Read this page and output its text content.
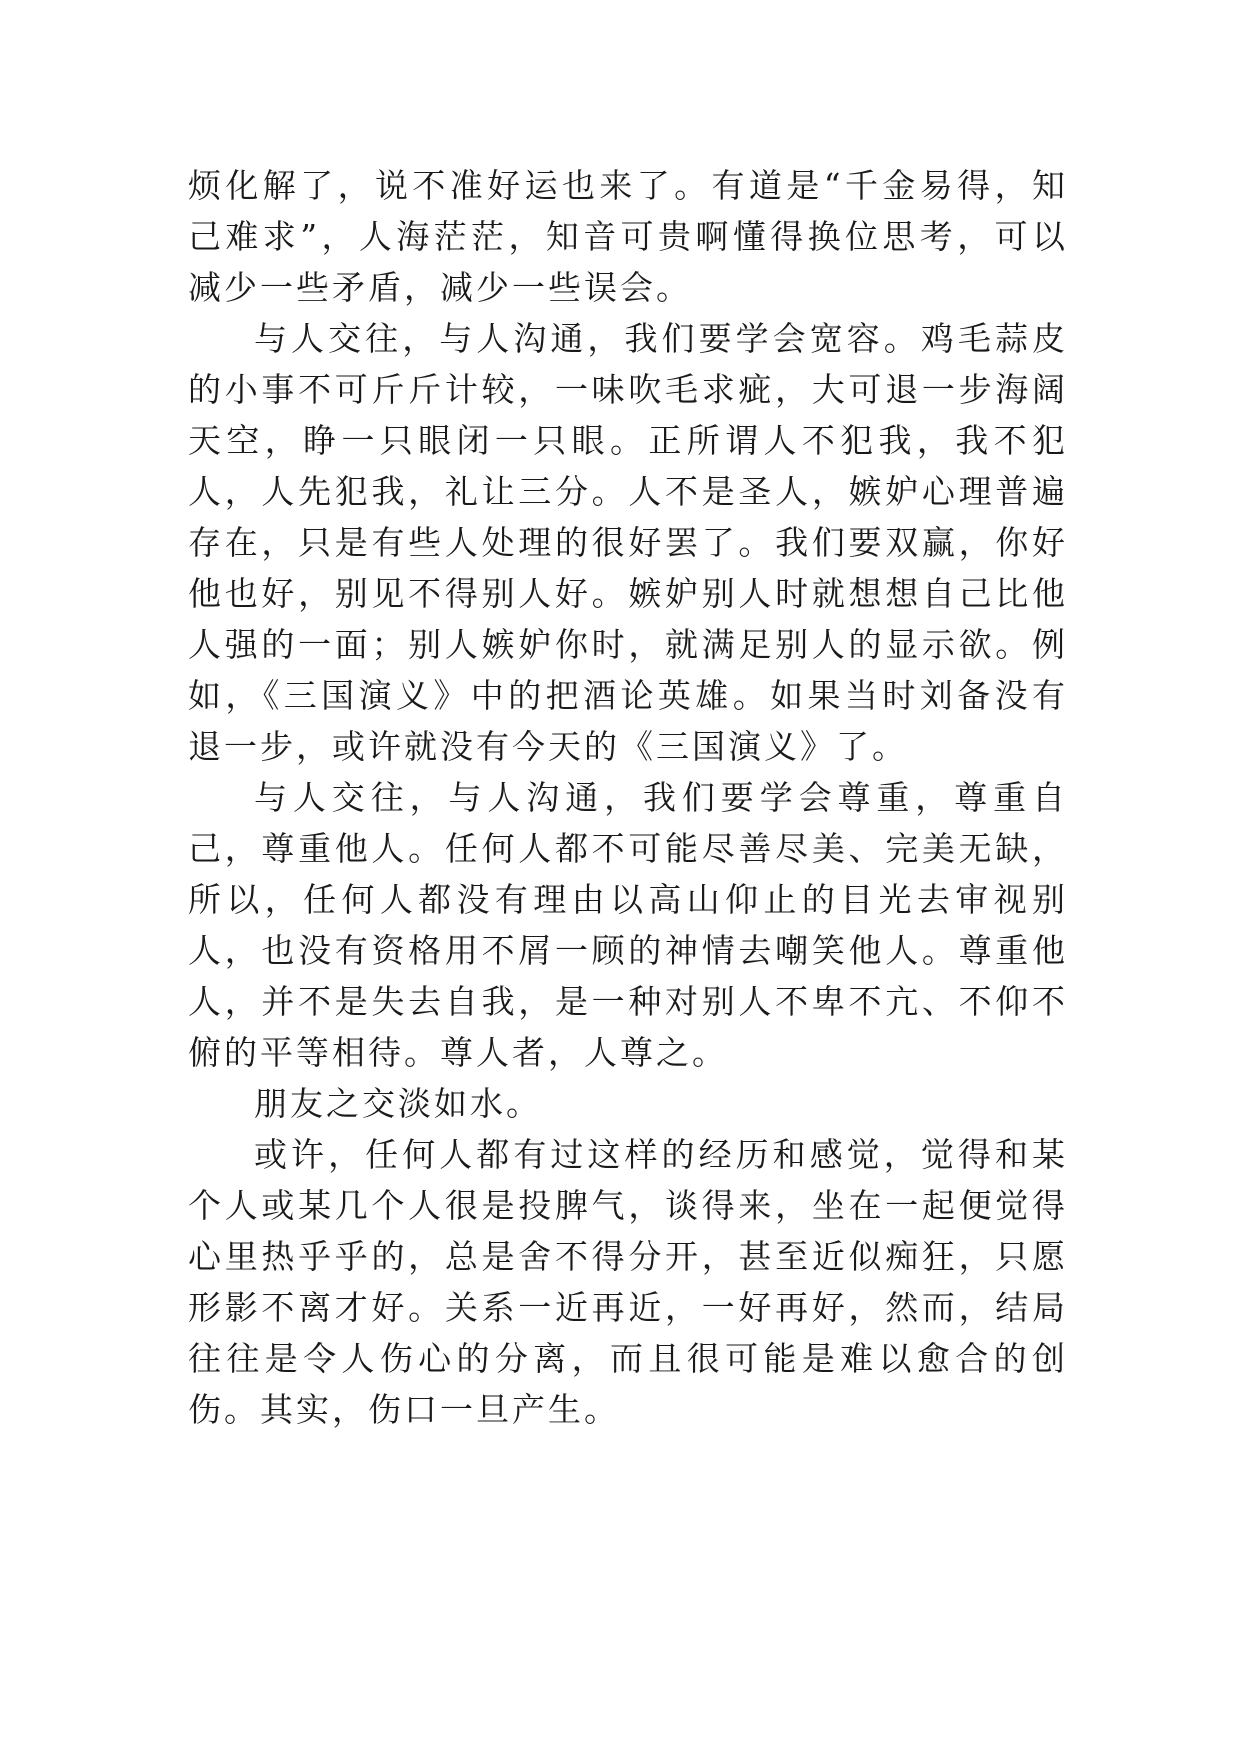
烦化解了，说不准好运也来了。有道是“千金易得，知己难求”，人海茫茫，知音可贵啊懂得换位思考，可以减少一些矛盾，减少一些误会。

与人交往，与人沟通，我们要学会宽容。鸡毛蒜皮的小事不可斤斤计较，一味吹毛求疵，大可退一步海阔天空，睁一只眼闭一只眼。正所谓人不犯我，我不犯人，人先犯我，礼让三分。人不是圣人，嫉妒心理普遍存在，只是有些人处理的很好罢了。我们要双赢，你好他也好，别见不得别人好。嫉妒别人时就想想自己比他人强的一面；别人嫉妒你时，就满足别人的显示欲。例如，《三国演义》中的把酒论英雄。如果当时刘备没有退一步，或许就没有今天的《三国演义》了。

与人交往，与人沟通，我们要学会尊重，尊重自己，尊重他人。任何人都不可能尽善尽美、完美无缺，所以，任何人都没有理由以高山仰止的目光去审视别人，也没有资格用不屑一顾的神情去嘲笑他人。尊重他人，并不是失去自我，是一种对别人不卑不亢、不仰不俯的平等相待。尊人者，人尊之。

朋友之交淡如水。

或许，任何人都有过这样的经历和感觉，觉得和某个人或某几个人很是投脾气，谈得来，坐在一起便觉得心里热乎乎的，总是舍不得分开，甚至近似痴狂，只愿形影不离才好。关系一近再近，一好再好，然而，结局往往是令人伤心的分离，而且很可能是难以愈合的创伤。其实，伤口一旦产生。
